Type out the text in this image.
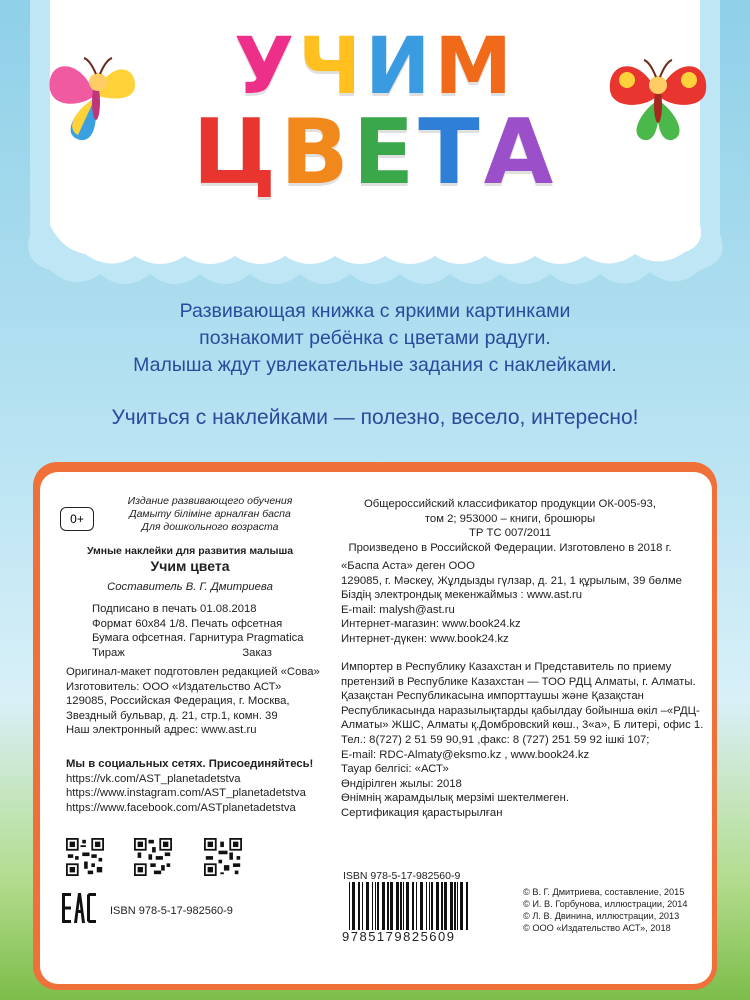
УЧИМ
ЦВЕТА
Развивающая книжка с яркими картинками
познакомит ребёнка с цветами радуги.
Малыша ждут увлекательные задания с наклейками.
Учиться с наклейками — полезно, весело, интересно!
0+
Издание развивающего обучения
Дамыту біліміне арналған баспа
Для дошкольного возраста
Умные наклейки для развития малыша
Учим цвета
Составитель В. Г. Дмитриева
Подписано в печать 01.08.2018
Формат 60x84 1/8. Печать офсетная
Бумага офсетная. Гарнитура Pragmatica
Тираж	Заказ
Оригинал-макет подготовлен редакцией «Сова»
Изготовитель: ООО «Издательство АСТ»
129085, Российская Федерация, г. Москва,
Звездный бульвар, д. 21, стр.1, комн. 39
Наш электронный адрес: www.ast.ru
Мы в социальных сетях. Присоединяйтесь!
https://vk.com/AST_planetadetstva
https://www.instagram.com/AST_planetadetstva
https://www.facebook.com/ASTplanetadetstva
ISBN 978-5-17-982560-9
Общероссийский классификатор продукции ОК-005-93,
том 2; 953000 – книги, брошюры
ТР ТС 007/2011
Произведено в Российской Федерации. Изготовлено в 2018 г.
«Баспа Аста» деген ООО
129085, г. Мәскеу, Жұлдызды гүлзар, д. 21, 1 құрылым, 39 бөлме
Біздің электрондық мекенжаймыз : www.ast.ru
E-mail: malysh@ast.ru
Интернет-магазин: www.book24.kz
Интернет-дүкен: www.book24.kz
Импортер в Республику Казахстан и Представитель по приему
претензий в Республике Казахстан — ТОО РДЦ Алматы, г. Алматы.
Қазақстан Республикасына импорттаушы және Қазақстан
Республикасында наразылықтарды қабылдау бойынша өкіл –«РДЦ-
Алматы» ЖШС, Алматы қ.Домбровский көш., 3«а», Б литері, офис 1.
Тел.: 8(727) 2 51 59 90,91 ,факс: 8 (727) 251 59 92 ішкі 107;
E-mail: RDC-Almaty@eksmo.kz , www.book24.kz
Тауар белгісі: «АСТ»
Өндірілген жылы: 2018
Өнімнің жарамдылық мерзімі шектелмеген.
Сертификация қарастырылған
ISBN 978-5-17-982560-9
9785179825609
© В. Г. Дмитриева, составление, 2015
© И. В. Горбунова, иллюстрации, 2014
© Л. В. Двинина, иллюстрации, 2013
© ООО «Издательство АСТ», 2018
